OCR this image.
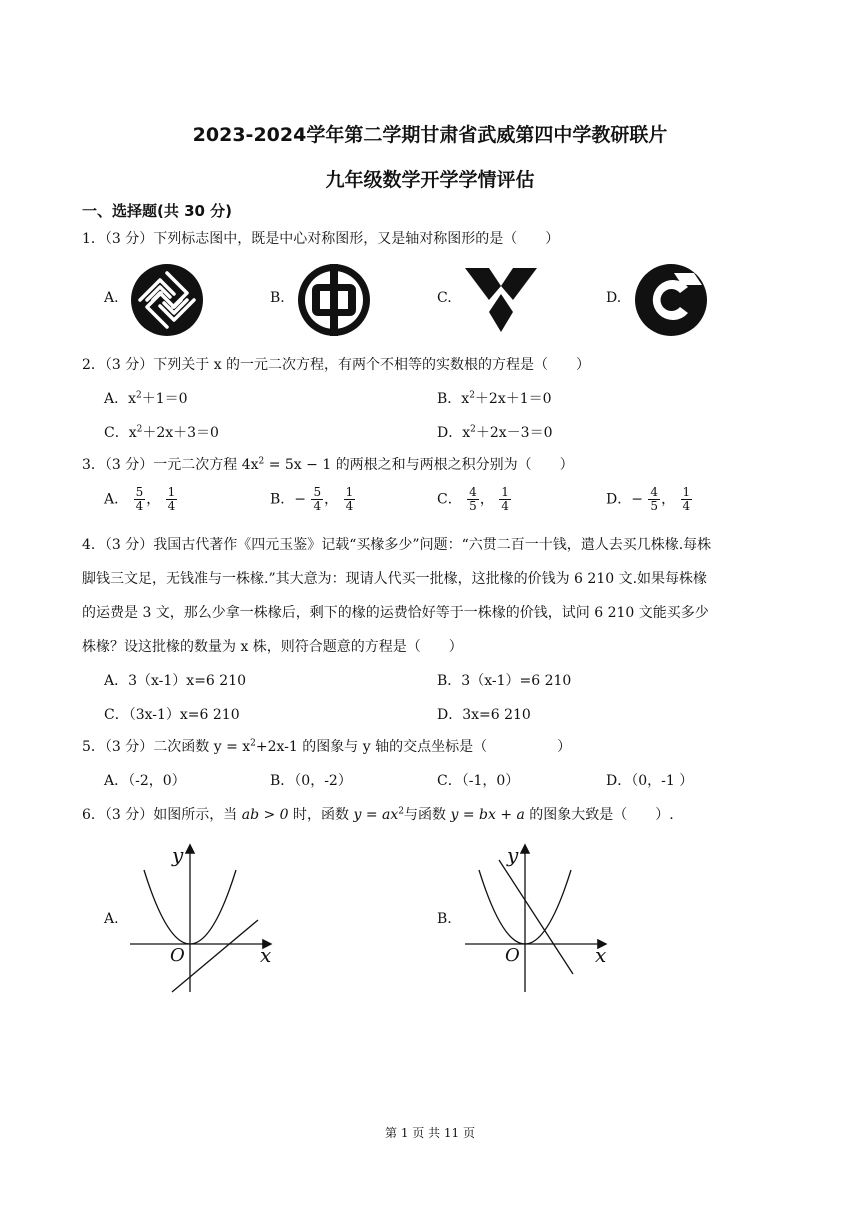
2023-2024学年第二学期甘肃省武威第四中学教研联片
九年级数学开学学情评估
一、选择题(共 30 分)
1．（3 分）下列标志图中，既是中心对称图形，又是轴对称图形的是（　　）
A.	B.	C.	D.
2．（3 分）下列关于 x 的一元二次方程，有两个不相等的实数根的方程是（　　）
A．$x^2+1=0$	B．$x^2+2x+1=0$
C．$x^2+2x+3=0$	D．$x^2+2x-3=0$
3．（3 分）一元二次方程 $4x^2 = 5x - 1$ 的两根之和与两根之积分别为（　　）
A． $\frac{5}{4}$ ， $\frac{1}{4}$	B．− $\frac{5}{4}$ ， $\frac{1}{4}$	C． $\frac{4}{5}$ ， $\frac{1}{4}$	D．− $\frac{4}{5}$ ， $\frac{1}{4}$
4．（3 分）我国古代著作《四元玉鉴》记载“买椽多少”问题：“六贯二百一十钱，遣人去买几株椽.每株
脚钱三文足，无钱准与一株椽.”其大意为：现请人代买一批椽，这批椽的价钱为 6 210 文.如果每株椽
的运费是 3 文，那么少拿一株椽后，剩下的椽的运费恰好等于一株椽的价钱，试问 6 210 文能买多少
株椽？设这批椽的数量为 x 株，则符合题意的方程是（　　）
A．3（x-1）x=6 210	B．3（x-1）=6 210
C．（3x-1）x=6 210	D．3x=6 210
5．（3 分）二次函数 $y = x^2+2x-1$ 的图象与 y 轴的交点坐标是（　　　　　）
A．（-2，0）	B．（0，-2）	C．（-1，0）	D．（0，-1 ）
6．（3 分）如图所示，当 ab > 0 时，函数 $y = ax^2$与函数 y = bx + a 的图象大致是（　　）.
A.	B.
y
x
O
y
x
O
第 1 页 共 11 页
